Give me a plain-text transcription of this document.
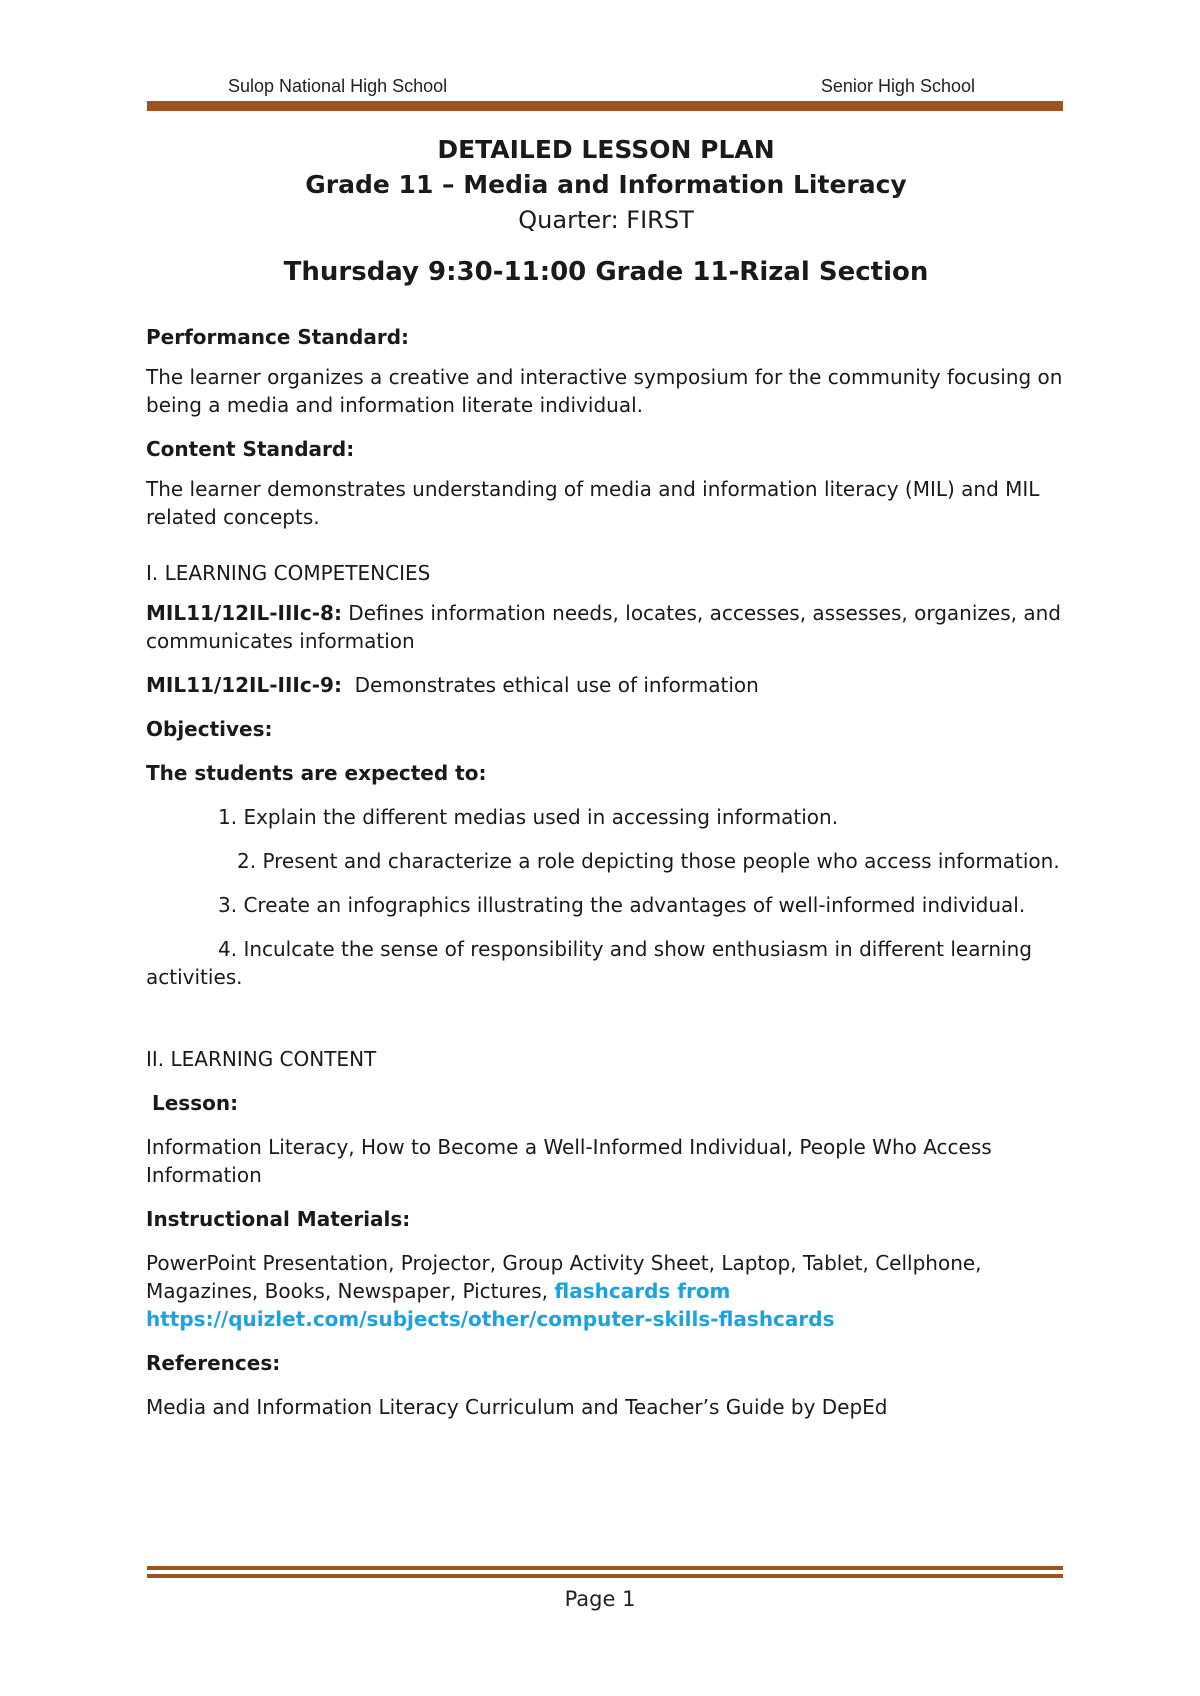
Sulop National High School	Senior High School
DETAILED LESSON PLAN
Grade 11 – Media and Information Literacy
Quarter: FIRST
Thursday 9:30-11:00 Grade 11-Rizal Section

Performance Standard:

The learner organizes a creative and interactive symposium for the community focusing on being a media and information literate individual.

Content Standard:

The learner demonstrates understanding of media and information literacy (MIL) and MIL related concepts.

I. LEARNING COMPETENCIES

MIL11/12IL-IIIc-8: Defines information needs, locates, accesses, assesses, organizes, and communicates information

MIL11/12IL-IIIc-9:  Demonstrates ethical use of information

Objectives:

The students are expected to:

1. Explain the different medias used in accessing information.

2. Present and characterize a role depicting those people who access information.

3. Create an infographics illustrating the advantages of well-informed individual.

4. Inculcate the sense of responsibility and show enthusiasm in different learning   activities.

II. LEARNING CONTENT

Lesson:

Information Literacy, How to Become a Well-Informed Individual, People Who Access Information

Instructional Materials:

PowerPoint Presentation, Projector, Group Activity Sheet, Laptop, Tablet, Cellphone, Magazines, Books, Newspaper, Pictures, flashcards from https://quizlet.com/subjects/other/computer-skills-flashcards

References:

Media and Information Literacy Curriculum and Teacher’s Guide by DepEd

Page 1
